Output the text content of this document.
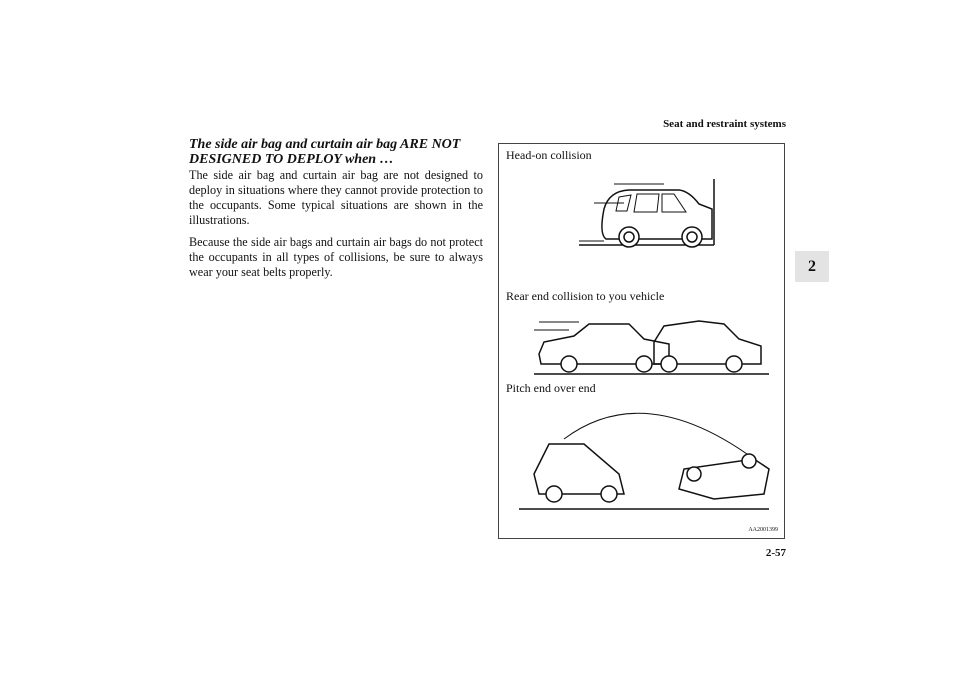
Seat and restraint systems
2
The side air bag and curtain air bag ARE NOT DESIGNED TO DEPLOY when …
The side air bag and curtain air bag are not designed to deploy in situations where they cannot provide protection to the occupants. Some typical situations are shown in the illustrations.
Because the side air bags and curtain air bags do not protect the occupants in all types of collisions, be sure to always wear your seat belts properly.
Head-on collision
Rear end collision to you vehicle
Pitch end over end
AA2001399
2-57
